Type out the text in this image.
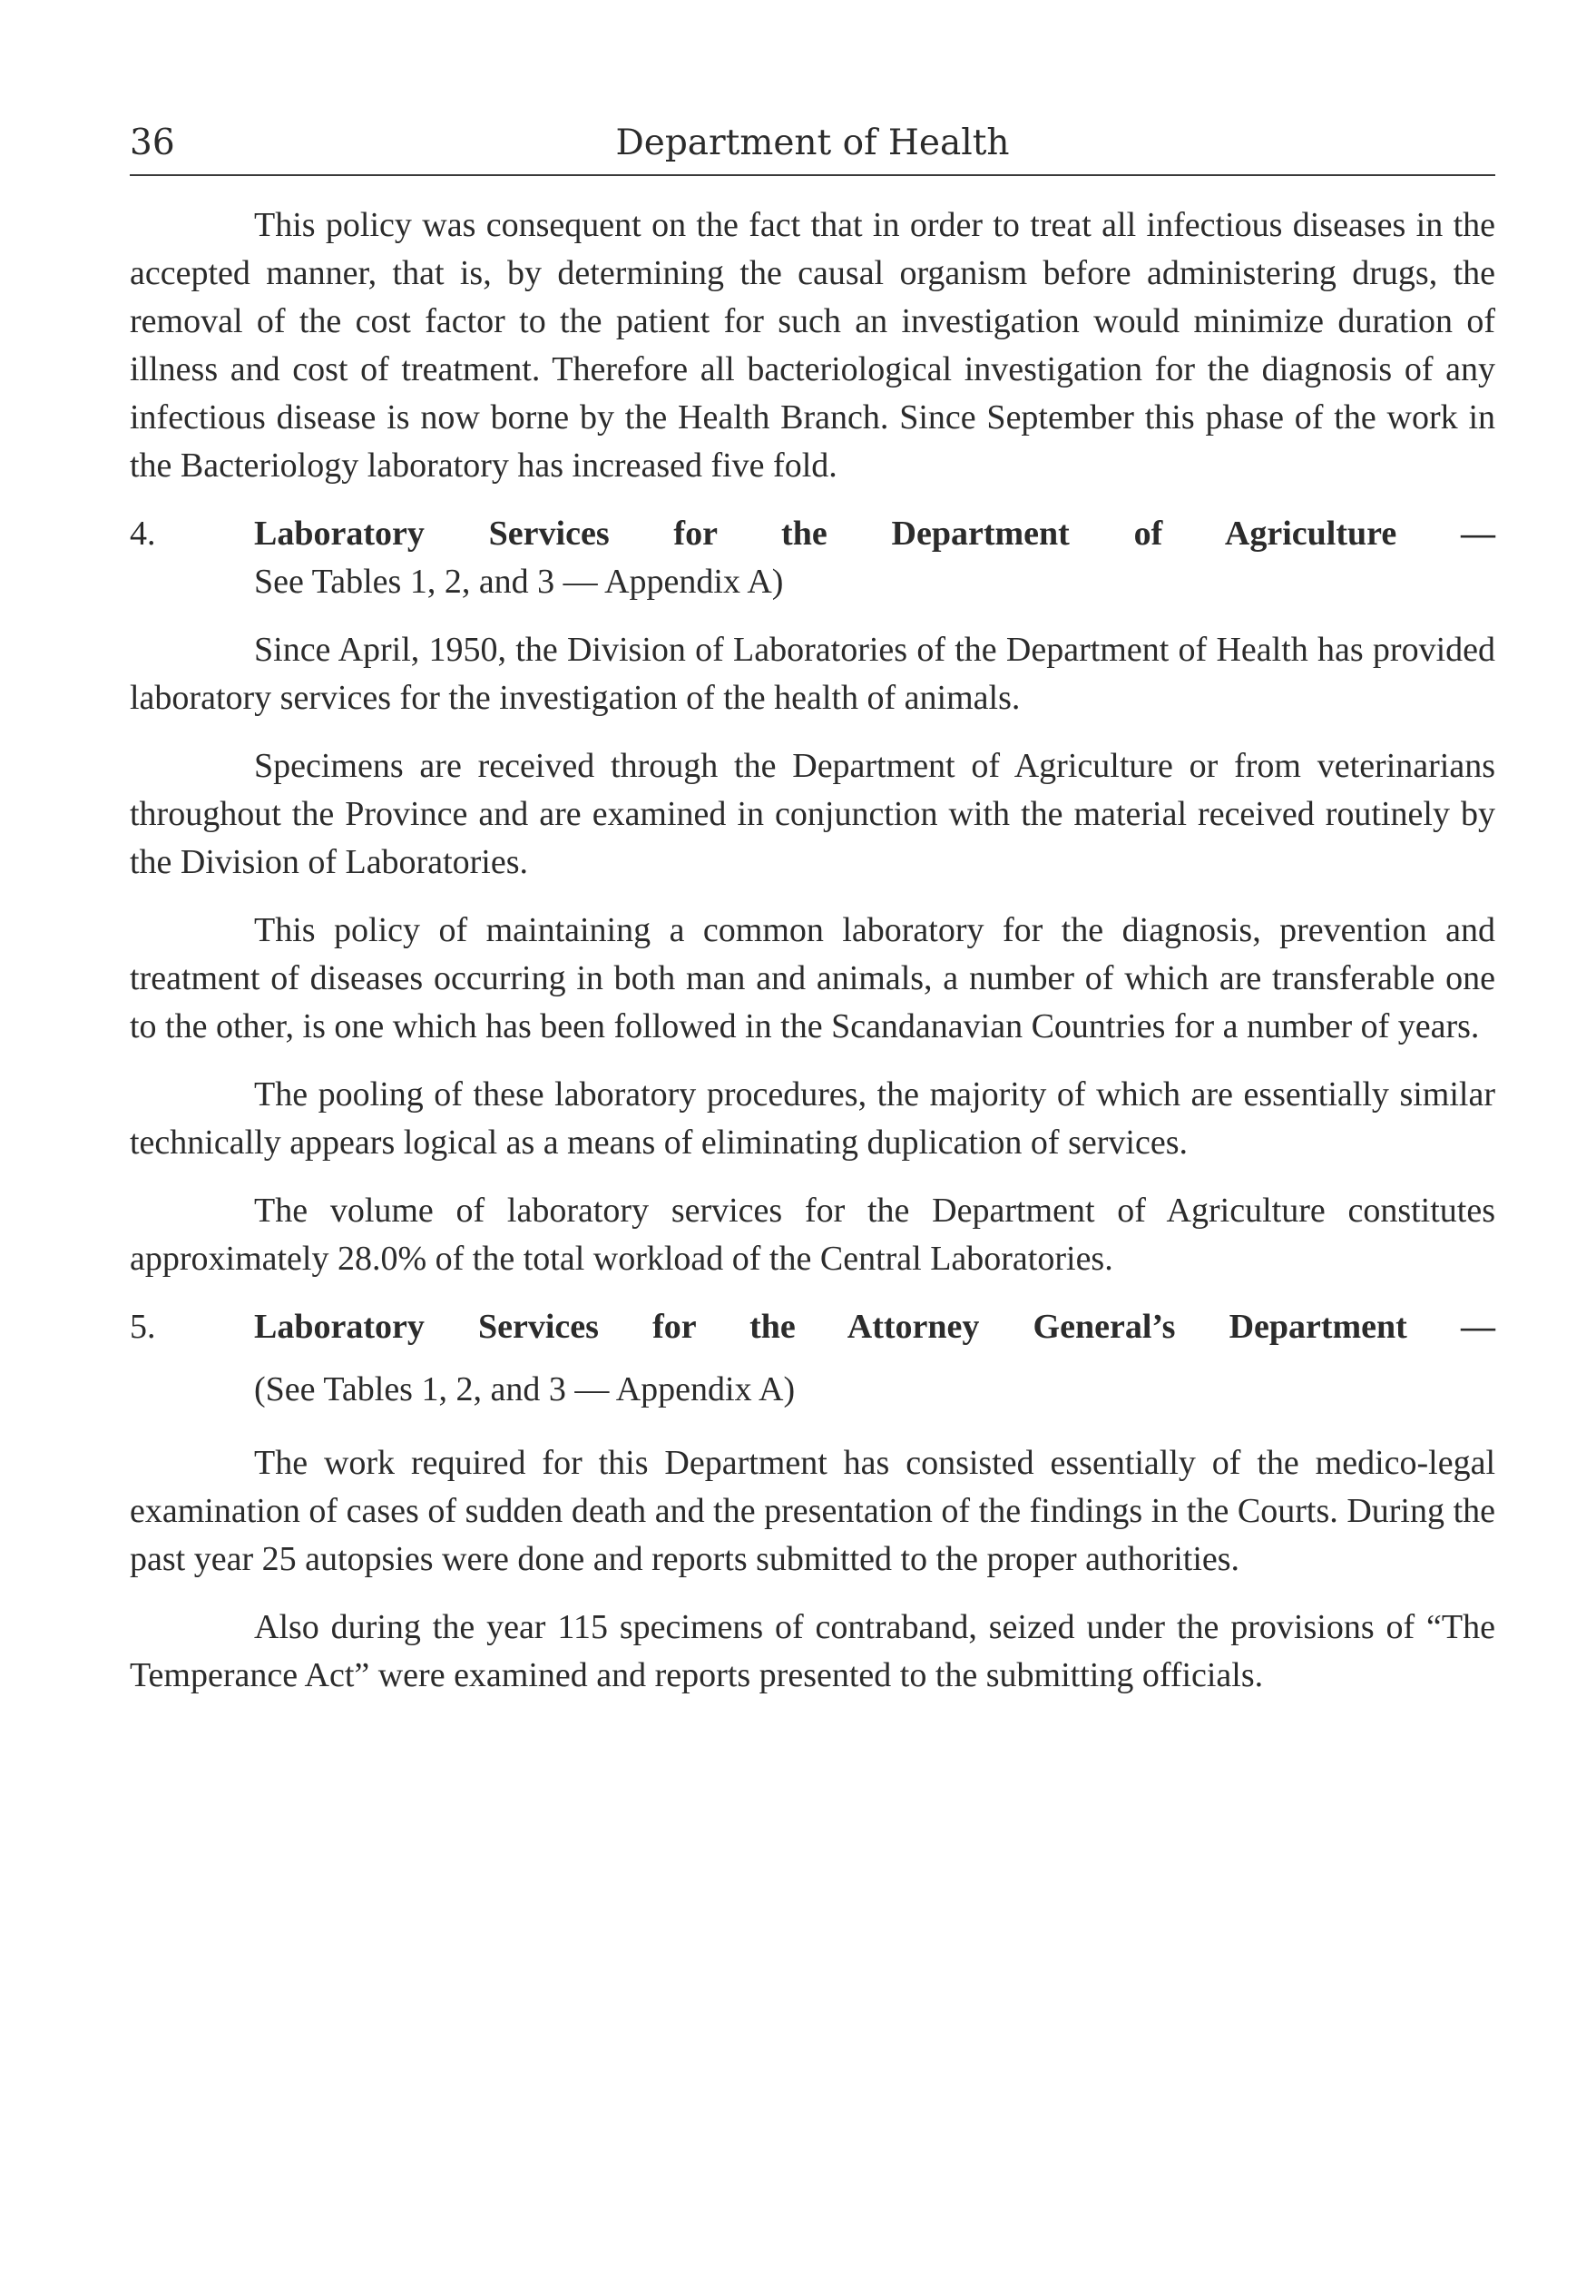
36	Department of Health

This policy was consequent on the fact that in order to treat all infectious diseases in the accepted manner, that is, by determining the causal organism before administering drugs, the removal of the cost factor to the patient for such an investigation would minimize duration of illness and cost of treatment. Therefore all bacteriological investigation for the diagnosis of any infectious disease is now borne by the Health Branch. Since September this phase of the work in the Bacteriology laboratory has increased five fold.

4.	Laboratory Services for the Department of Agriculture —
See Tables 1, 2, and 3 — Appendix A)

Since April, 1950, the Division of Laboratories of the Department of Health has provided laboratory services for the investigation of the health of animals.

Specimens are received through the Department of Agriculture or from veterinarians throughout the Province and are examined in conjunction with the material received routinely by the Division of Laboratories.

This policy of maintaining a common laboratory for the diagnosis, prevention and treatment of diseases occurring in both man and animals, a number of which are transferable one to the other, is one which has been followed in the Scandanavian Countries for a number of years.

The pooling of these laboratory procedures, the majority of which are essentially similar technically appears logical as a means of eliminating duplication of services.

The volume of laboratory services for the Department of Agriculture constitutes approximately 28.0% of the total workload of the Central Laboratories.

5.	Laboratory Services for the Attorney General’s Department —
(See Tables 1, 2, and 3 — Appendix A)

The work required for this Department has consisted essentially of the medico-legal examination of cases of sudden death and the presentation of the findings in the Courts. During the past year 25 autopsies were done and reports submitted to the proper authorities.

Also during the year 115 specimens of contraband, seized under the provisions of “The Temperance Act” were examined and reports presented to the submitting officials.
